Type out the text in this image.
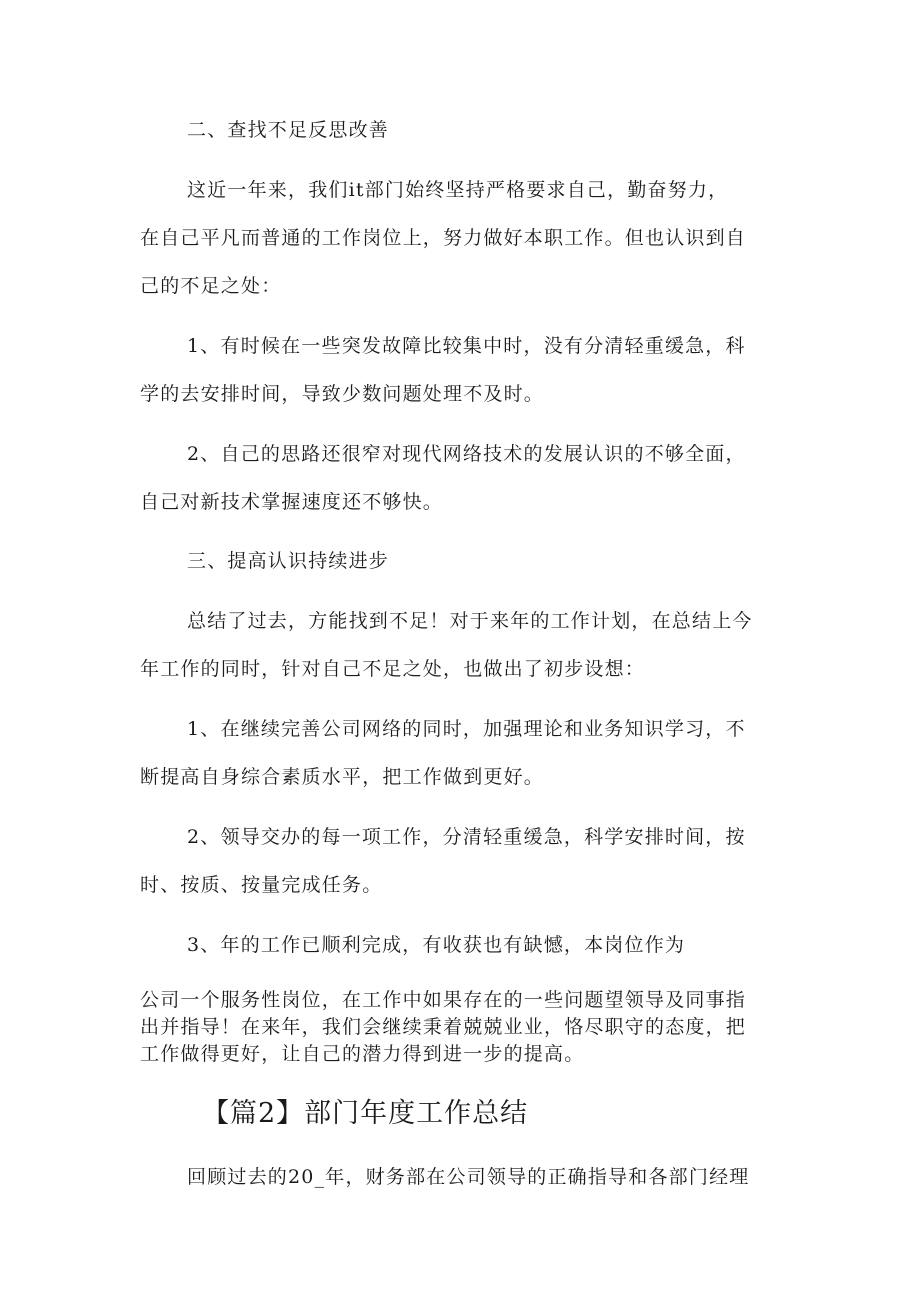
二、查找不足反思改善
这近一年来，我们it部门始终坚持严格要求自己，勤奋努力，
在自己平凡而普通的工作岗位上，努力做好本职工作。但也认识到自
己的不足之处：
1、有时候在一些突发故障比较集中时，没有分清轻重缓急，科
学的去安排时间，导致少数问题处理不及时。
2、自己的思路还很窄对现代网络技术的发展认识的不够全面，
自己对新技术掌握速度还不够快。
三、提高认识持续进步
总结了过去，方能找到不足！对于来年的工作计划，在总结上今
年工作的同时，针对自己不足之处，也做出了初步设想：
1、在继续完善公司网络的同时，加强理论和业务知识学习，不
断提高自身综合素质水平，把工作做到更好。
2、领导交办的每一项工作，分清轻重缓急，科学安排时间，按
时、按质、按量完成任务。
3、年的工作已顺利完成，有收获也有缺憾，本岗位作为
公司一个服务性岗位，在工作中如果存在的一些问题望领导及同事指
出并指导！在来年，我们会继续秉着兢兢业业，恪尽职守的态度，把
工作做得更好，让自己的潜力得到进一步的提高。
【篇2】部门年度工作总结
回顾过去的20_年，财务部在公司领导的正确指导和各部门经理
